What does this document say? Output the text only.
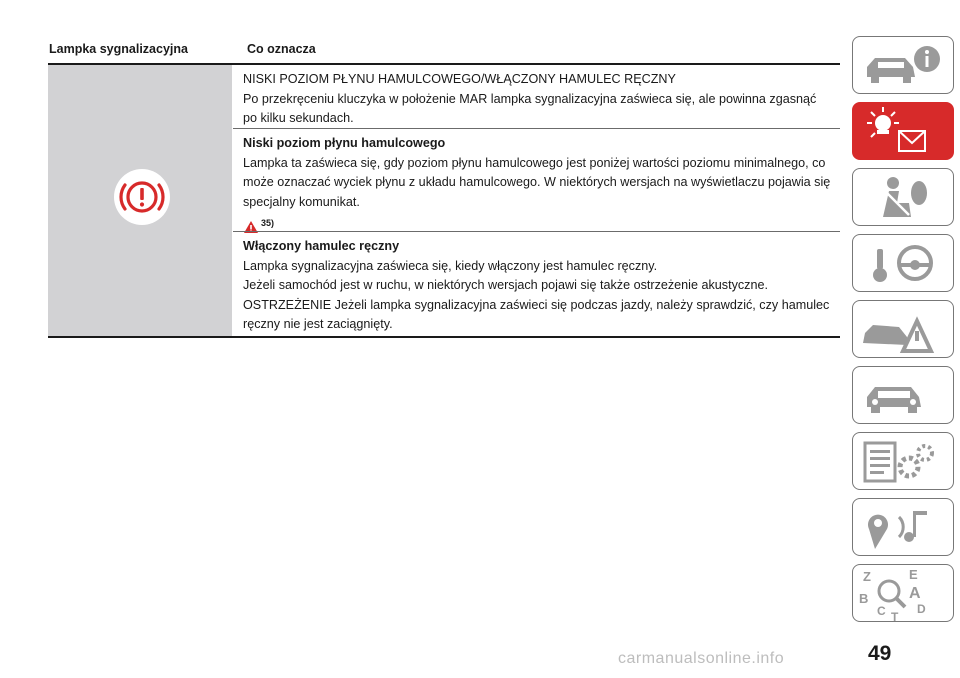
Lampka sygnalizacyjna	Co oznacza

NISKI POZIOM PŁYNU HAMULCOWEGO/WŁĄCZONY HAMULEC RĘCZNY

Po przekręceniu kluczyka w położenie MAR lampka sygnalizacyjna zaświeca się, ale powinna zgasnąć po kilku sekundach.

Niski poziom płynu hamulcowego

Lampka ta zaświeca się, gdy poziom płynu hamulcowego jest poniżej wartości poziomu minimalnego, co może oznaczać wyciek płynu z układu hamulcowego. W niektórych wersjach na wyświetlaczu pojawia się specjalny komunikat.

35)

Włączony hamulec ręczny

Lampka sygnalizacyjna zaświeca się, kiedy włączony jest hamulec ręczny.

Jeżeli samochód jest w ruchu, w niektórych wersjach pojawi się także ostrzeżenie akustyczne.

OSTRZEŻENIE Jeżeli lampka sygnalizacyjna zaświeci się podczas jazdy, należy sprawdzić, czy hamulec ręczny nie jest zaciągnięty.

Z	E
B	A
C	D
T
carmanualsonline.info	49
